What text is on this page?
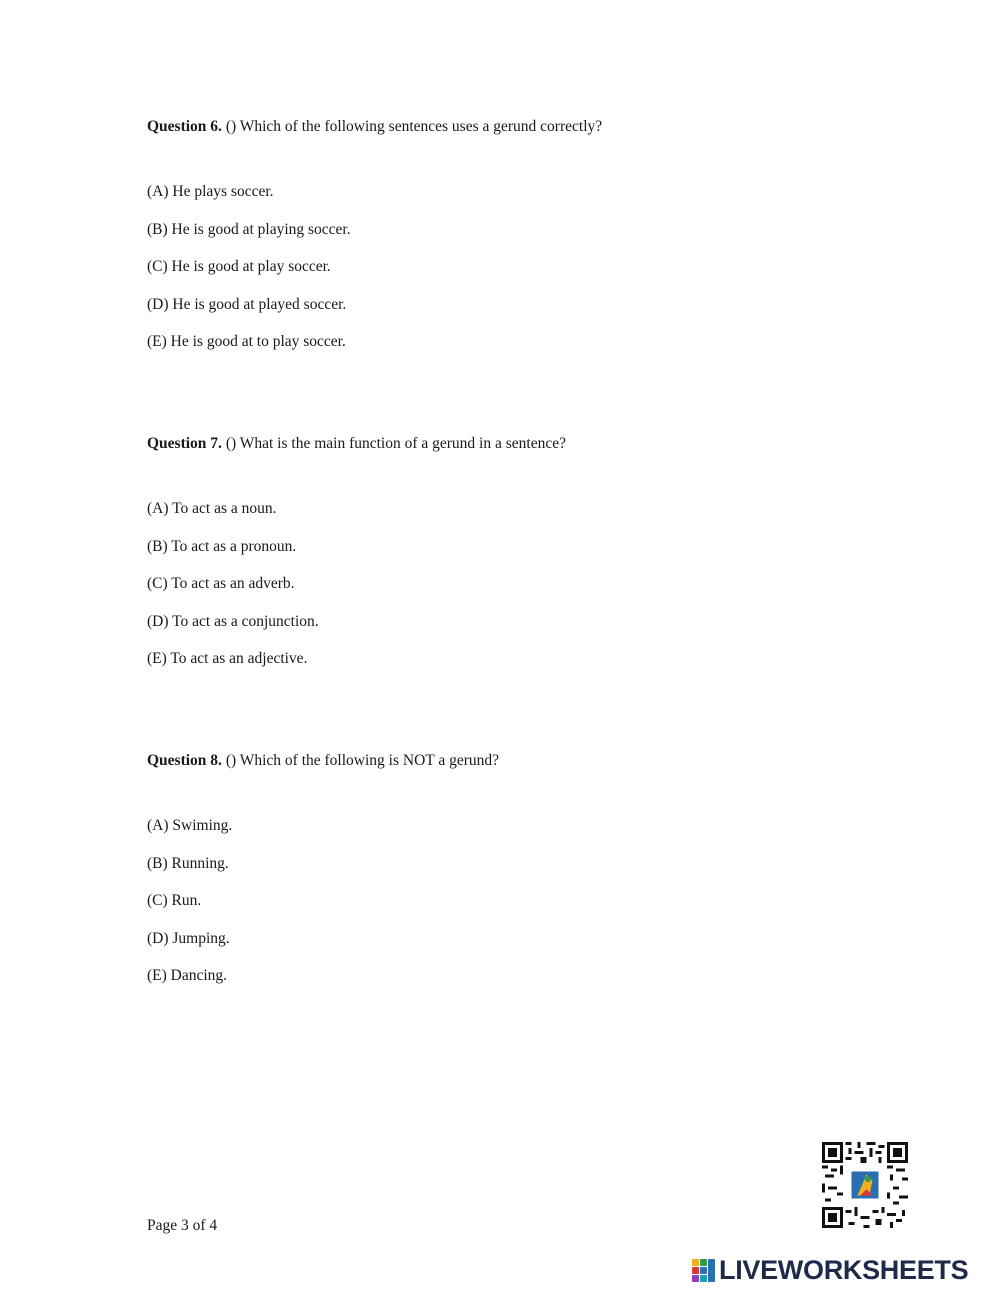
Question 6. () Which of the following sentences uses a gerund correctly?

(A) He plays soccer.
(B) He is good at playing soccer.
(C) He is good at play soccer.
(D) He is good at played soccer.
(E) He is good at to play soccer.

Question 7. () What is the main function of a gerund in a sentence?

(A) To act as a noun.
(B) To act as a pronoun.
(C) To act as an adverb.
(D) To act as a conjunction.
(E) To act as an adjective.

Question 8. () Which of the following is NOT a gerund?

(A) Swiming.
(B) Running.
(C) Run.
(D) Jumping.
(E) Dancing.
Page 3 of 4
LIVEWORKSHEETS
